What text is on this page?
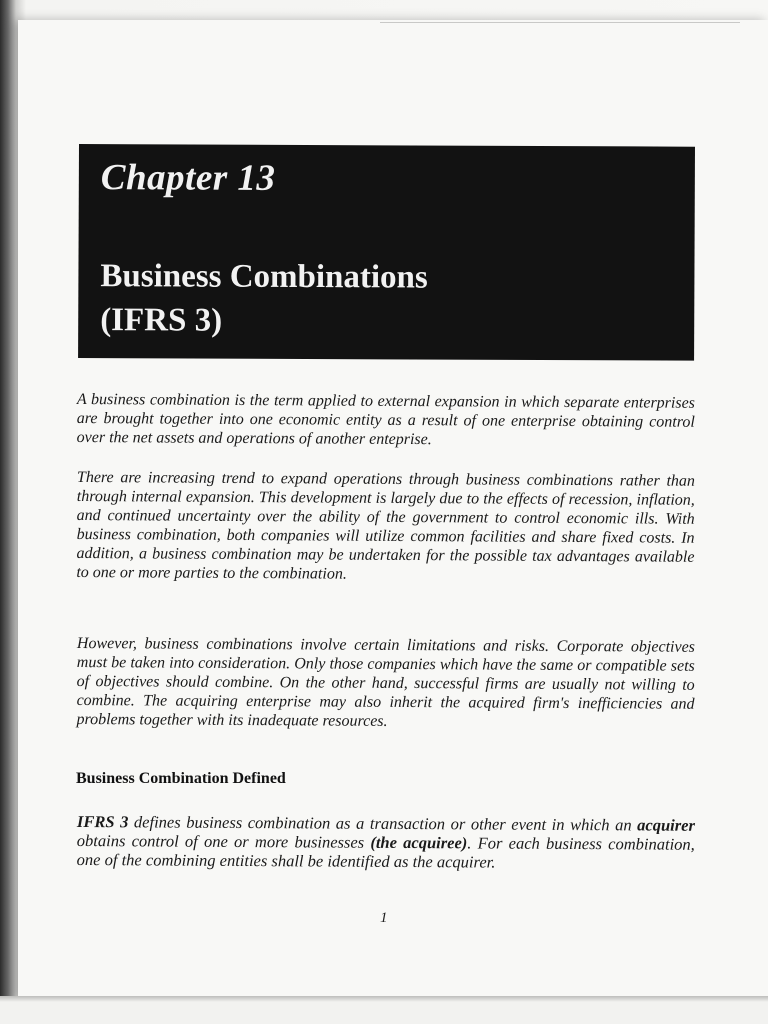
Chapter 13
Business Combinations
(IFRS 3)
A business combination is the term applied to external expansion in which separate enterprises are brought together into one economic entity as a result of one enterprise obtaining control over the net assets and operations of another enteprise.
There are increasing trend to expand operations through business combinations rather than through internal expansion. This development is largely due to the effects of recession, inflation, and continued uncertainty over the ability of the government to control economic ills. With business combination, both companies will utilize common facilities and share fixed costs. In addition, a business combination may be undertaken for the possible tax advantages available to one or more parties to the combination.
However, business combinations involve certain limitations and risks. Corporate objectives must be taken into consideration. Only those companies which have the same or compatible sets of objectives should combine. On the other hand, successful firms are usually not willing to combine. The acquiring enterprise may also inherit the acquired firm's inefficiencies and problems together with its inadequate resources.
Business Combination Defined
IFRS 3 defines business combination as a transaction or other event in which an acquirer obtains control of one or more businesses (the acquiree). For each business combination, one of the combining entities shall be identified as the acquirer.
1
